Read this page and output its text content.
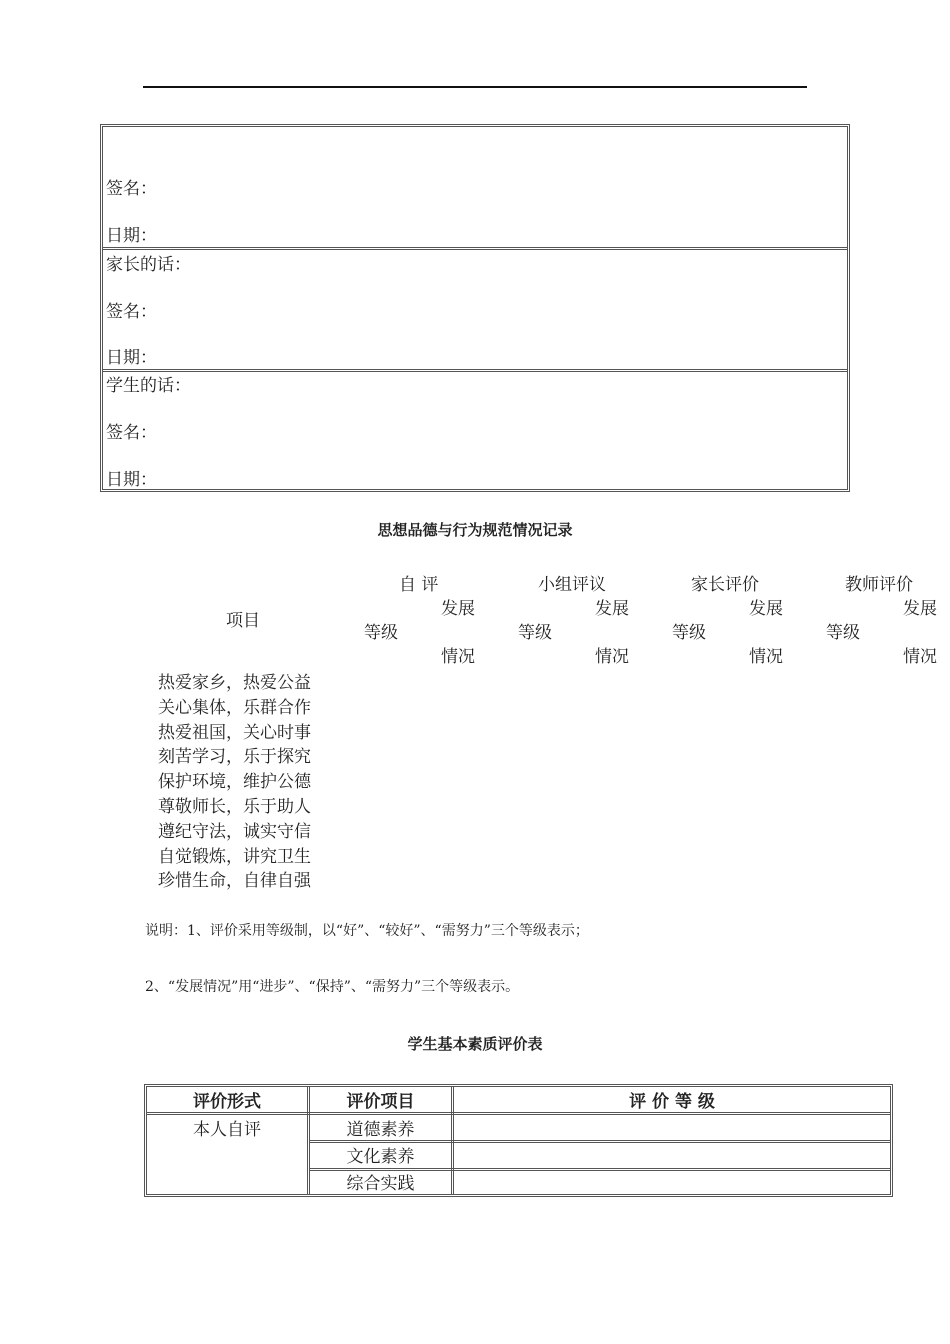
签名：
日期：
家长的话：
签名：
日期：
学生的话：
签名：
日期：
思想品德与行为规范情况记录
项目
自 评	小组评议	家长评价	教师评价
发展	发展	发展	发展
等级	等级	等级	等级
情况	情况	情况	情况
热爱家乡，热爱公益
关心集体，乐群合作
热爱祖国，关心时事
刻苦学习，乐于探究
保护环境，维护公德
尊敬师长，乐于助人
遵纪守法，诚实守信
自觉锻炼，讲究卫生
珍惜生命，自律自强
说明：1、评价采用等级制，以“好”、“较好”、“需努力”三个等级表示；
2、“发展情况”用“进步”、“保持”、“需努力”三个等级表示。
学生基本素质评价表
评价形式	评价项目	评 价 等 级
本人自评	道德素养
文化素养
综合实践
